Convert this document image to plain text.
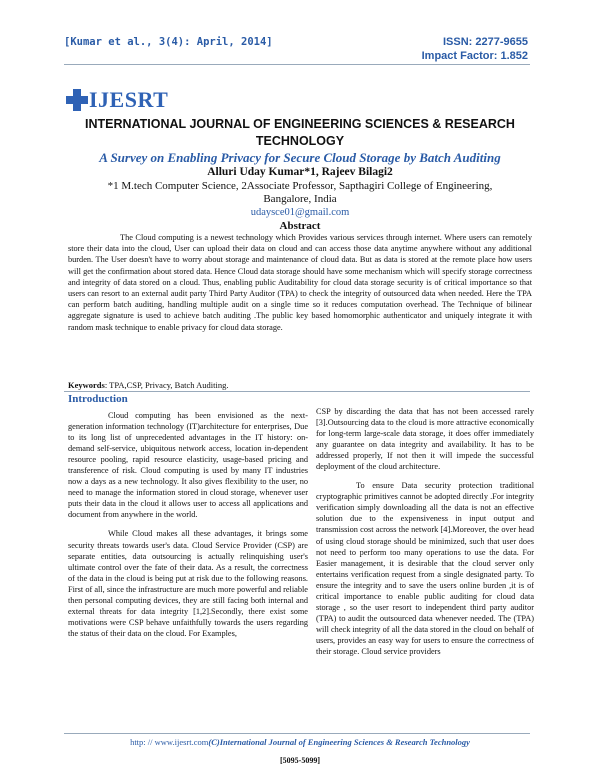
[Kumar et al., 3(4): April, 2014]	ISSN: 2277-9655
Impact Factor: 1.852
IJESRT
INTERNATIONAL JOURNAL OF ENGINEERING SCIENCES & RESEARCH TECHNOLOGY
A Survey on Enabling Privacy for Secure Cloud Storage by Batch Auditing
Alluri Uday Kumar*1, Rajeev Bilagi2
*1 M.tech Computer Science, 2Associate Professor, Sapthagiri College of Engineering,
Bangalore, India
udaysce01@gmail.com
Abstract
The Cloud computing is a newest technology which Provides various services through internet. Where users can remotely store their data into the cloud, User can upload their data on cloud and can access those data anytime anywhere without any additional burden. The User doesn't have to worry about storage and maintenance of cloud data. But as data is stored at the remote place how users will get the confirmation about stored data. Hence Cloud data storage should have some mechanism which will specify storage correctness and integrity of data stored on a cloud. Thus, enabling public Auditability for cloud data storage security is of critical importance so that users can resort to an external audit party Third Party Auditor (TPA) to check the integrity of outsourced data when needed. Here the TPA can perform batch auditing, handling multiple audit on a single time so it reduces computation overhead. The Technique of bilinear aggregate signature is used to achieve batch auditing .The public key based homomorphic authenticator and uniquely integrate it with random mask technique to enable privacy for cloud data storage.
Keywords: TPA,CSP, Privacy, Batch Auditing.
Introduction

Cloud computing has been envisioned as the next-generation information technology (IT)architecture for enterprises, Due to its long list of unprecedented advantages in the IT history: on-demand self-service, ubiquitous network access, location in-dependent resource pooling, rapid resource elasticity, usage-based pricing and transference of risk. Cloud computing is used by many IT industries now a days as a new technology. It also gives flexibility to the user, no need to manage the information stored in cloud storage, whenever user puts their data in the cloud it allows user to access all applications and document from anywhere in the world.

While Cloud makes all these advantages, it brings some security threats towards user's data. Cloud Service Provider (CSP) are separate entities, data outsourcing is actually relinquishing user's ultimate control over the fate of their data. As a result, the correctness of the data in the cloud is being put at risk due to the following reasons. First of all, since the infrastructure are much more powerful and reliable then personal computing devices, they are still facing both internal and external threats for data integrity [1,2].Secondly, there exist some motivations were CSP behave unfaithfully towards the users regarding the status of their data on the cloud. For Examples,

CSP by discarding the data that has not been accessed rarely [3].Outsourcing data to the cloud is more attractive economically for long-term large-scale data storage, it does offer immediately any guarantee on data integrity and availability. It has to be addressed properly, If not then it will impede the successful deployment of the cloud architecture.

To ensure Data security protection traditional cryptographic primitives cannot be adopted directly .For integrity verification simply downloading all the data is not an effective solution due to the expensiveness in input output and transmission cost across the network [4].Moreover, the over head of using cloud storage should be minimized, such that user does not need to perform too many operations to use the data. For Easier management, it is desirable that the cloud server only entertains verification request from a single designated party. To ensure the integrity and to save the users online burden ,it is of critical importance to enable public auditing for cloud data storage , so the user resort to independent third party auditor (TPA) to audit the outsourced data whenever needed. The (TPA) will check integrity of all the data stored in the cloud on behalf of users, provides an easy way for users to ensure the correctness of their storage. Cloud service providers

http: // www.ijesrt.com(C)International Journal of Engineering Sciences & Research Technology
[5095-5099]
